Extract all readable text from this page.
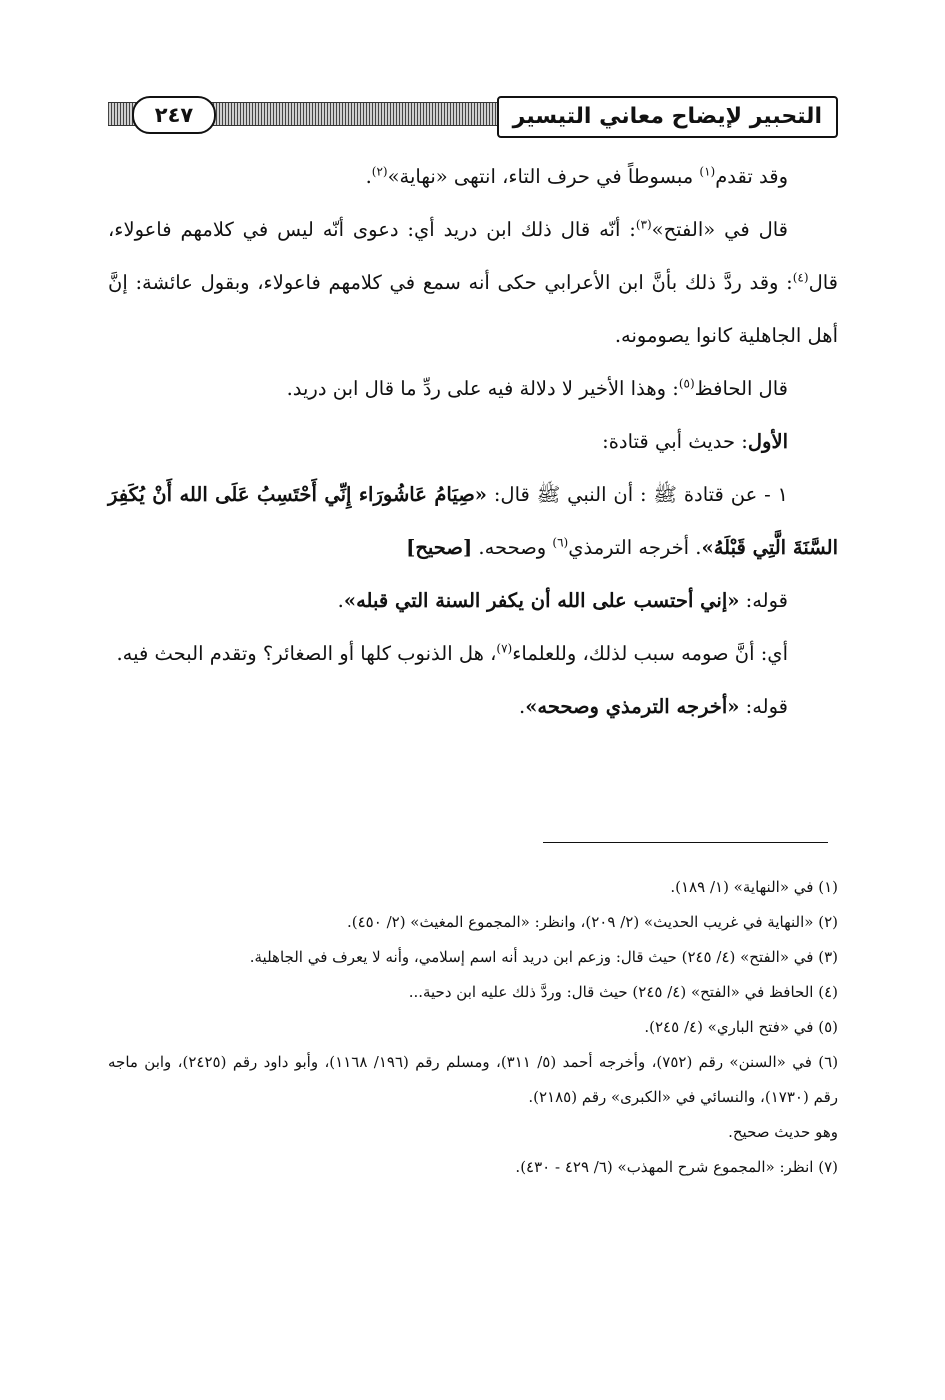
التحبير لإيضاح معاني التيسير
٢٤٧

وقد تقدم$^{(١)}$ مبسوطاً في حرف التاء، انتهى «نهاية»$^{(٢)}$.

قال في «الفتح»$^{(٣)}$: أنّه قال ذلك ابن دريد أي: دعوى أنّه ليس في كلامهم فاعولاء، قال$^{(٤)}$: وقد ردَّ ذلك بأنَّ ابن الأعرابي حكى أنه سمع في كلامهم فاعولاء، وبقول عائشة: إنَّ أهل الجاهلية كانوا يصومونه.

قال الحافظ$^{(٥)}$: وهذا الأخير لا دلالة فيه على ردِّ ما قال ابن دريد.

الأول: حديث أبي قتادة:

١ - عن قتادة ﷺ : أن النبي ﷺ قال: «صِيَامُ عَاشُورَاء إِنِّي أَحْتَسِبُ عَلَى الله أَنْ يُكَفِرَ السَّنَةَ الَّتِي قَبْلَهُ». أخرجه الترمذي$^{(٦)}$ وصححه. [صحيح]

قوله: «إني أحتسب على الله أن يكفر السنة التي قبله».

أي: أنَّ صومه سبب لذلك، وللعلماء$^{(٧)}$، هل الذنوب كلها أو الصغائر؟ وتقدم البحث فيه.

قوله: «أخرجه الترمذي وصححه».

(١) في «النهاية» (١/ ١٨٩).

(٢) «النهاية في غريب الحديث» (٢/ ٢٠٩)، وانظر: «المجموع المغيث» (٢/ ٤٥٠).

(٣) في «الفتح» (٤/ ٢٤٥) حيث قال: وزعم ابن دريد أنه اسم إسلامي، وأنه لا يعرف في الجاهلية.

(٤) الحافظ في «الفتح» (٤/ ٢٤٥) حيث قال: وردَّ ذلك عليه ابن دحية...

(٥) في «فتح الباري» (٤/ ٢٤٥).

(٦) في «السنن» رقم (٧٥٢)، وأخرجه أحمد (٥/ ٣١١)، ومسلم رقم (١٩٦/ ١١٦٨)، وأبو داود رقم (٢٤٢٥)، وابن ماجه رقم (١٧٣٠)، والنسائي في «الكبرى» رقم (٢١٨٥).

وهو حديث صحيح.

(٧) انظر: «المجموع شرح المهذب» (٦/ ٤٢٩ - ٤٣٠).
